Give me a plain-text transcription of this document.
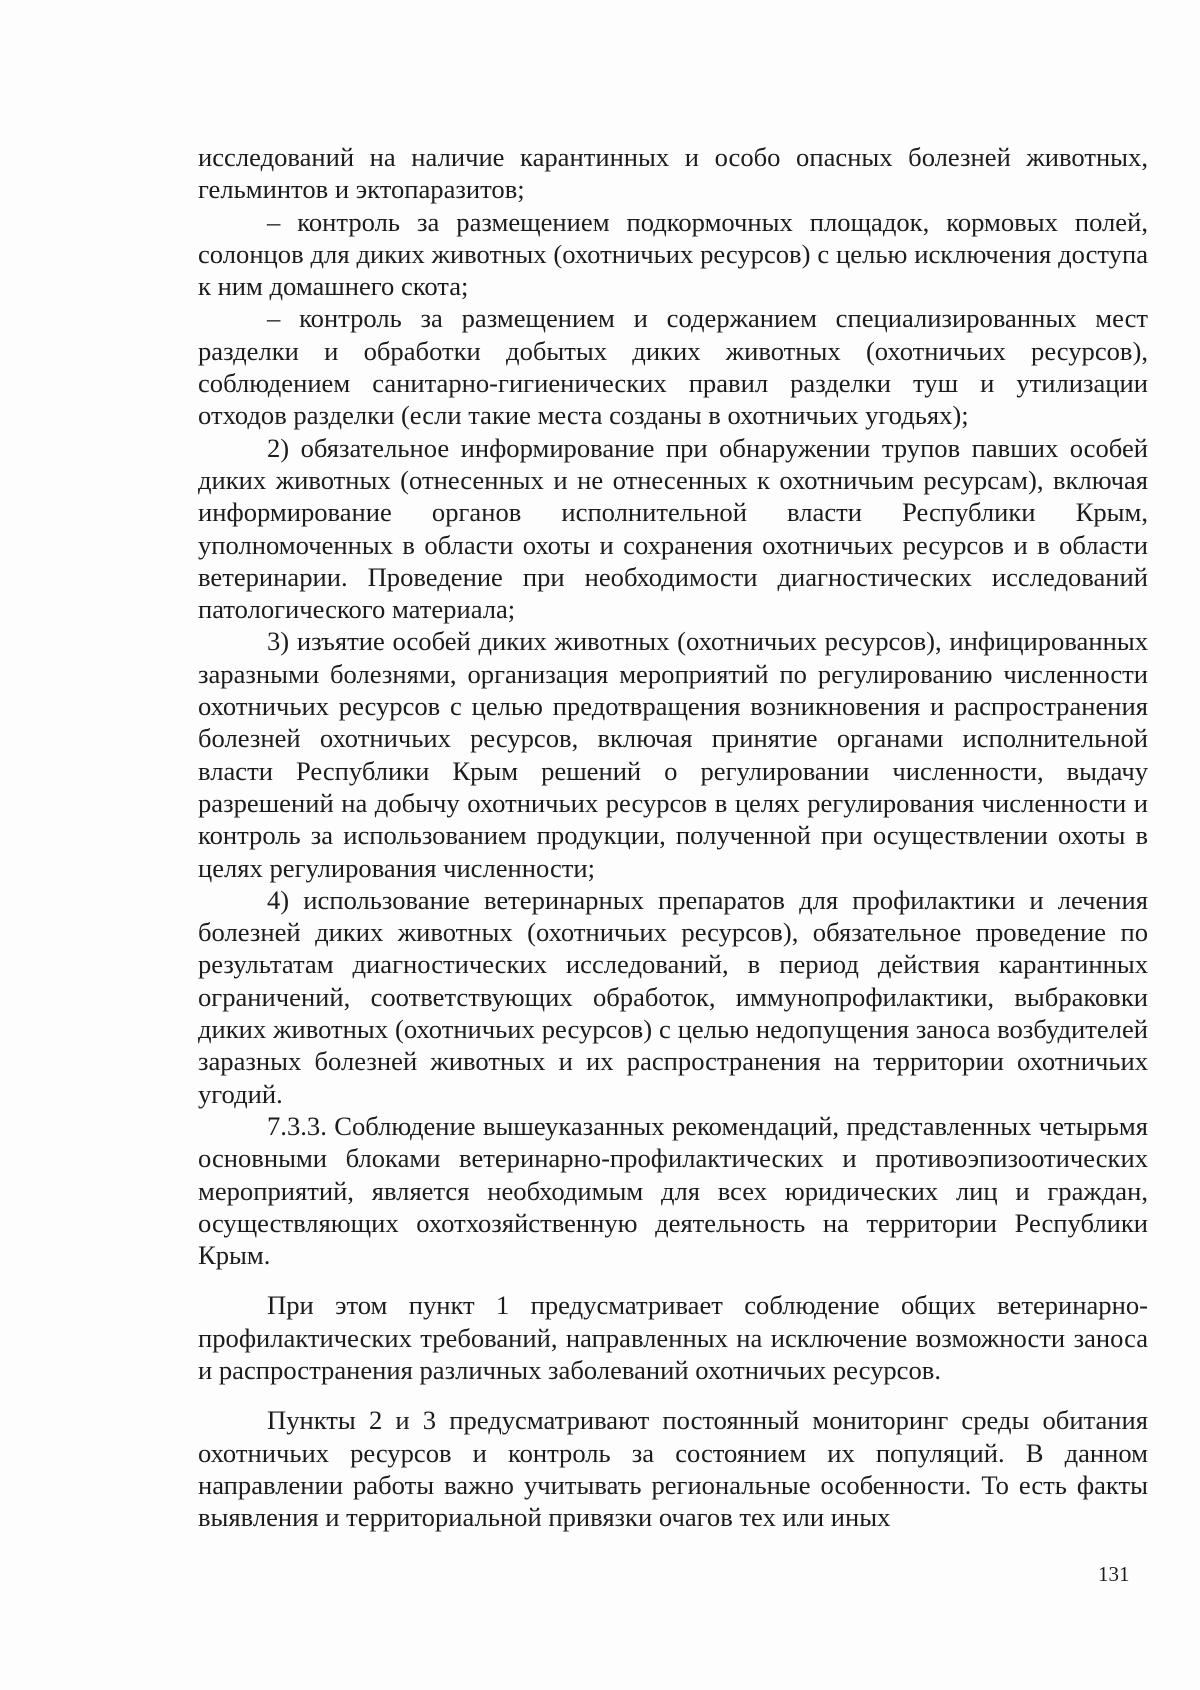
исследований на наличие карантинных и особо опасных болезней животных, гельминтов и эктопаразитов;

– контроль за размещением подкормочных площадок, кормовых полей, солонцов для диких животных (охотничьих ресурсов) с целью исключения доступа к ним домашнего скота;

– контроль за размещением и содержанием специализированных мест разделки и обработки добытых диких животных (охотничьих ресурсов), соблюдением санитарно-гигиенических правил разделки туш и утилизации отходов разделки (если такие места созданы в охотничьих угодьях);

2) обязательное информирование при обнаружении трупов павших особей диких животных (отнесенных и не отнесенных к охотничьим ресурсам), включая информирование органов исполнительной власти Республики Крым, уполномоченных в области охоты и сохранения охотничьих ресурсов и в области ветеринарии. Проведение при необходимости диагностических исследований патологического материала;

3) изъятие особей диких животных (охотничьих ресурсов), инфицированных заразными болезнями, организация мероприятий по регулированию численности охотничьих ресурсов с целью предотвращения возникновения и распространения болезней охотничьих ресурсов, включая принятие органами исполнительной власти Республики Крым решений о регулировании численности, выдачу разрешений на добычу охотничьих ресурсов в целях регулирования численности и контроль за использованием продукции, полученной при осуществлении охоты в целях регулирования численности;

4) использование ветеринарных препаратов для профилактики и лечения болезней диких животных (охотничьих ресурсов), обязательное проведение по результатам диагностических исследований, в период действия карантинных ограничений, соответствующих обработок, иммунопрофилактики, выбраковки диких животных (охотничьих ресурсов) с целью недопущения заноса возбудителей заразных болезней животных и их распространения на территории охотничьих угодий.

7.3.3. Соблюдение вышеуказанных рекомендаций, представленных четырьмя основными блоками ветеринарно-профилактических и противоэпизоотических мероприятий, является необходимым для всех юридических лиц и граждан, осуществляющих охотхозяйственную деятельность на территории Республики Крым.

При этом пункт 1 предусматривает соблюдение общих ветеринарно-профилактических требований, направленных на исключение возможности заноса и распространения различных заболеваний охотничьих ресурсов.

Пункты 2 и 3 предусматривают постоянный мониторинг среды обитания охотничьих ресурсов и контроль за состоянием их популяций. В данном направлении работы важно учитывать региональные особенности. То есть факты выявления и территориальной привязки очагов тех или иных

131
